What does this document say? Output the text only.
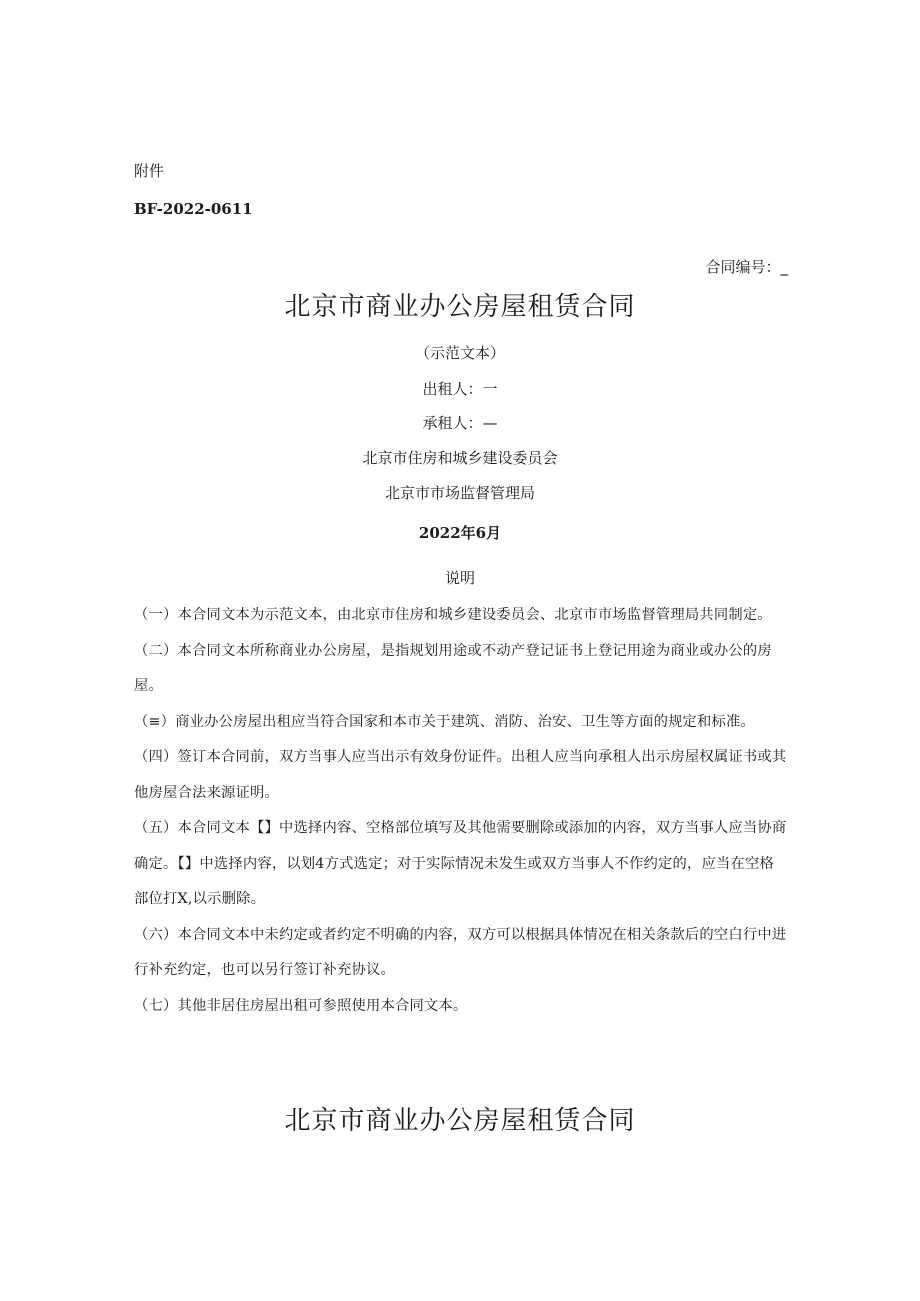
附件
BF-2022-0611
合同编号：_
北京市商业办公房屋租赁合同
（示范文本）
出租人：一
承租人：—
北京市住房和城乡建设委员会
北京市市场监督管理局
2022年6月
说明
（一）本合同文本为示范文本，由北京市住房和城乡建设委员会、北京市市场监督管理局共同制定。
（二）本合同文本所称商业办公房屋，是指规划用途或不动产登记证书上登记用途为商业或办公的房屋。
（≡）商业办公房屋出租应当符合国家和本市关于建筑、消防、治安、卫生等方面的规定和标准。
（四）签订本合同前，双方当事人应当出示有效身份证件。出租人应当向承租人出示房屋权属证书或其他房屋合法来源证明。
（五）本合同文本【】中选择内容、空格部位填写及其他需要删除或添加的内容，双方当事人应当协商确定。【】中选择内容，以划4方式选定；对于实际情况未发生或双方当事人不作约定的，应当在空格部位打X,以示删除。
（六）本合同文本中未约定或者约定不明确的内容，双方可以根据具体情况在相关条款后的空白行中进行补充约定，也可以另行签订补充协议。
（七）其他非居住房屋出租可参照使用本合同文本。
北京市商业办公房屋租赁合同
